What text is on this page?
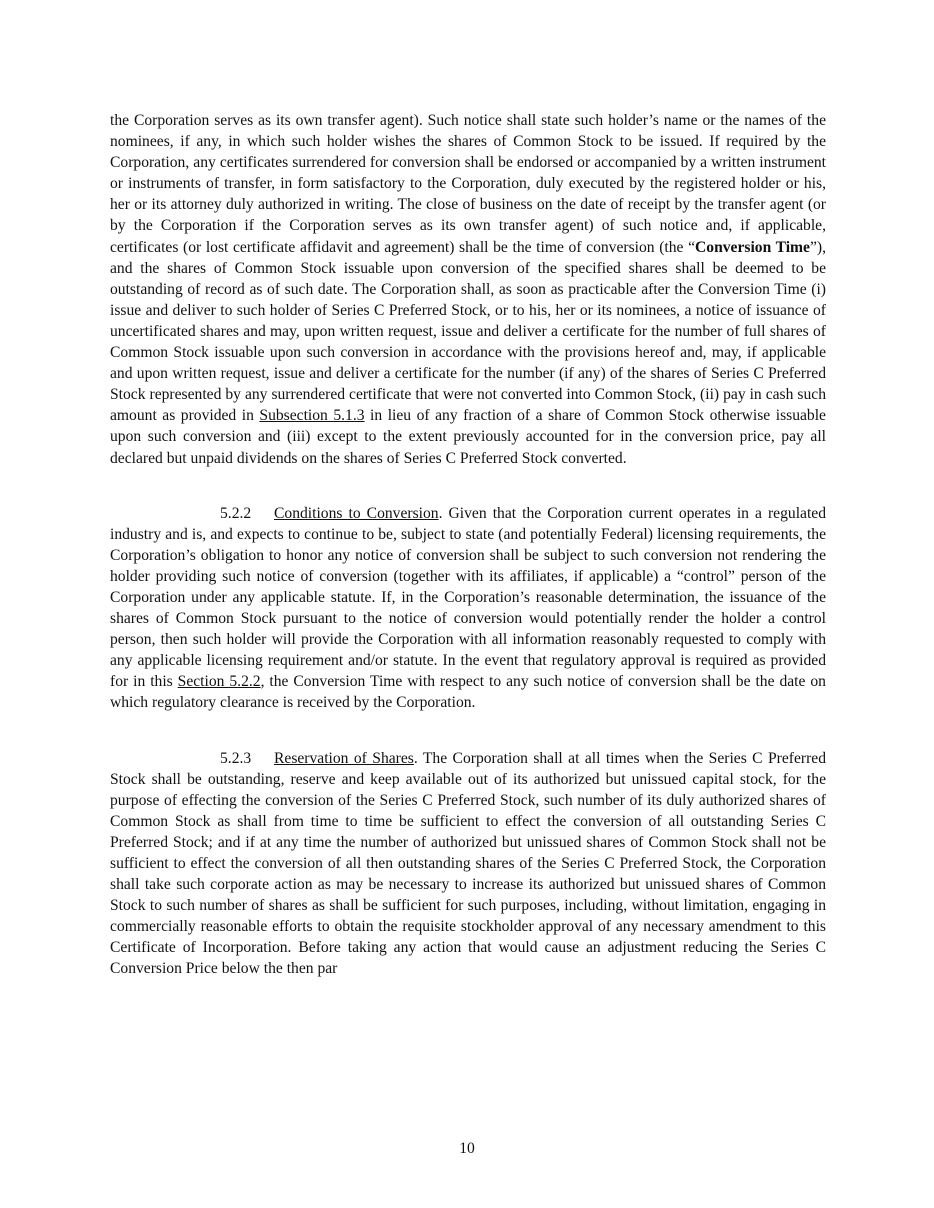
the Corporation serves as its own transfer agent). Such notice shall state such holder’s name or the names of the nominees, if any, in which such holder wishes the shares of Common Stock to be issued. If required by the Corporation, any certificates surrendered for conversion shall be endorsed or accompanied by a written instrument or instruments of transfer, in form satisfactory to the Corporation, duly executed by the registered holder or his, her or its attorney duly authorized in writing. The close of business on the date of receipt by the transfer agent (or by the Corporation if the Corporation serves as its own transfer agent) of such notice and, if applicable, certificates (or lost certificate affidavit and agreement) shall be the time of conversion (the “Conversion Time”), and the shares of Common Stock issuable upon conversion of the specified shares shall be deemed to be outstanding of record as of such date. The Corporation shall, as soon as practicable after the Conversion Time (i) issue and deliver to such holder of Series C Preferred Stock, or to his, her or its nominees, a notice of issuance of uncertificated shares and may, upon written request, issue and deliver a certificate for the number of full shares of Common Stock issuable upon such conversion in accordance with the provisions hereof and, may, if applicable and upon written request, issue and deliver a certificate for the number (if any) of the shares of Series C Preferred Stock represented by any surrendered certificate that were not converted into Common Stock, (ii) pay in cash such amount as provided in Subsection 5.1.3 in lieu of any fraction of a share of Common Stock otherwise issuable upon such conversion and (iii) except to the extent previously accounted for in the conversion price, pay all declared but unpaid dividends on the shares of Series C Preferred Stock converted.

5.2.2 Conditions to Conversion. Given that the Corporation current operates in a regulated industry and is, and expects to continue to be, subject to state (and potentially Federal) licensing requirements, the Corporation’s obligation to honor any notice of conversion shall be subject to such conversion not rendering the holder providing such notice of conversion (together with its affiliates, if applicable) a “control” person of the Corporation under any applicable statute. If, in the Corporation’s reasonable determination, the issuance of the shares of Common Stock pursuant to the notice of conversion would potentially render the holder a control person, then such holder will provide the Corporation with all information reasonably requested to comply with any applicable licensing requirement and/or statute. In the event that regulatory approval is required as provided for in this Section 5.2.2, the Conversion Time with respect to any such notice of conversion shall be the date on which regulatory clearance is received by the Corporation.

5.2.3 Reservation of Shares. The Corporation shall at all times when the Series C Preferred Stock shall be outstanding, reserve and keep available out of its authorized but unissued capital stock, for the purpose of effecting the conversion of the Series C Preferred Stock, such number of its duly authorized shares of Common Stock as shall from time to time be sufficient to effect the conversion of all outstanding Series C Preferred Stock; and if at any time the number of authorized but unissued shares of Common Stock shall not be sufficient to effect the conversion of all then outstanding shares of the Series C Preferred Stock, the Corporation shall take such corporate action as may be necessary to increase its authorized but unissued shares of Common Stock to such number of shares as shall be sufficient for such purposes, including, without limitation, engaging in commercially reasonable efforts to obtain the requisite stockholder approval of any necessary amendment to this Certificate of Incorporation. Before taking any action that would cause an adjustment reducing the Series C Conversion Price below the then par

10
